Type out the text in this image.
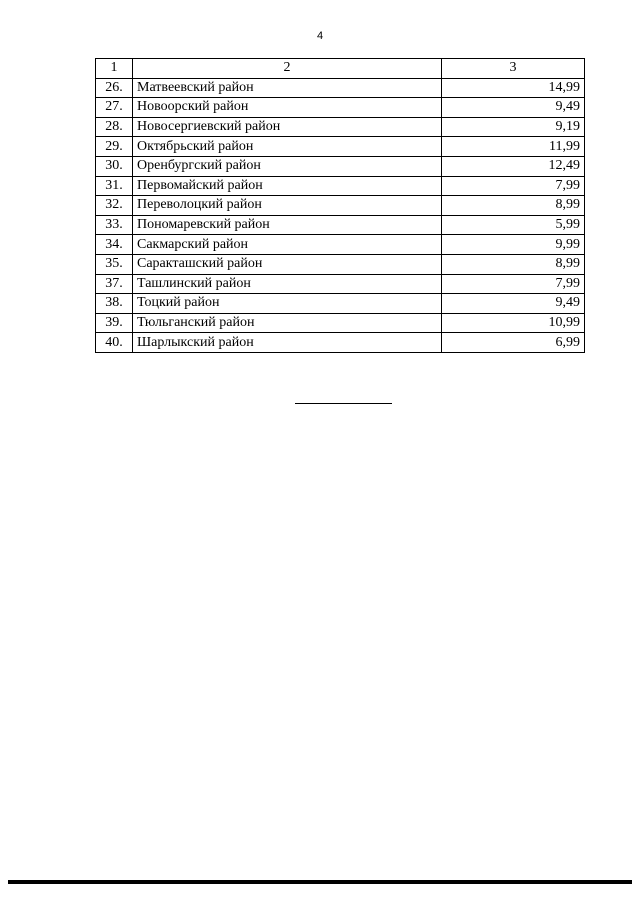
4
1	2	3
26.	Матвеевский район	14,99
27.	Новоорский район	9,49
28.	Новосергиевский район	9,19
29.	Октябрьский район	11,99
30.	Оренбургский район	12,49
31.	Первомайский район	7,99
32.	Переволоцкий район	8,99
33.	Пономаревский район	5,99
34.	Сакмарский район	9,99
35.	Саракташский район	8,99
37.	Ташлинский район	7,99
38.	Тоцкий район	9,49
39.	Тюльганский район	10,99
40.	Шарлыкский район	6,99
